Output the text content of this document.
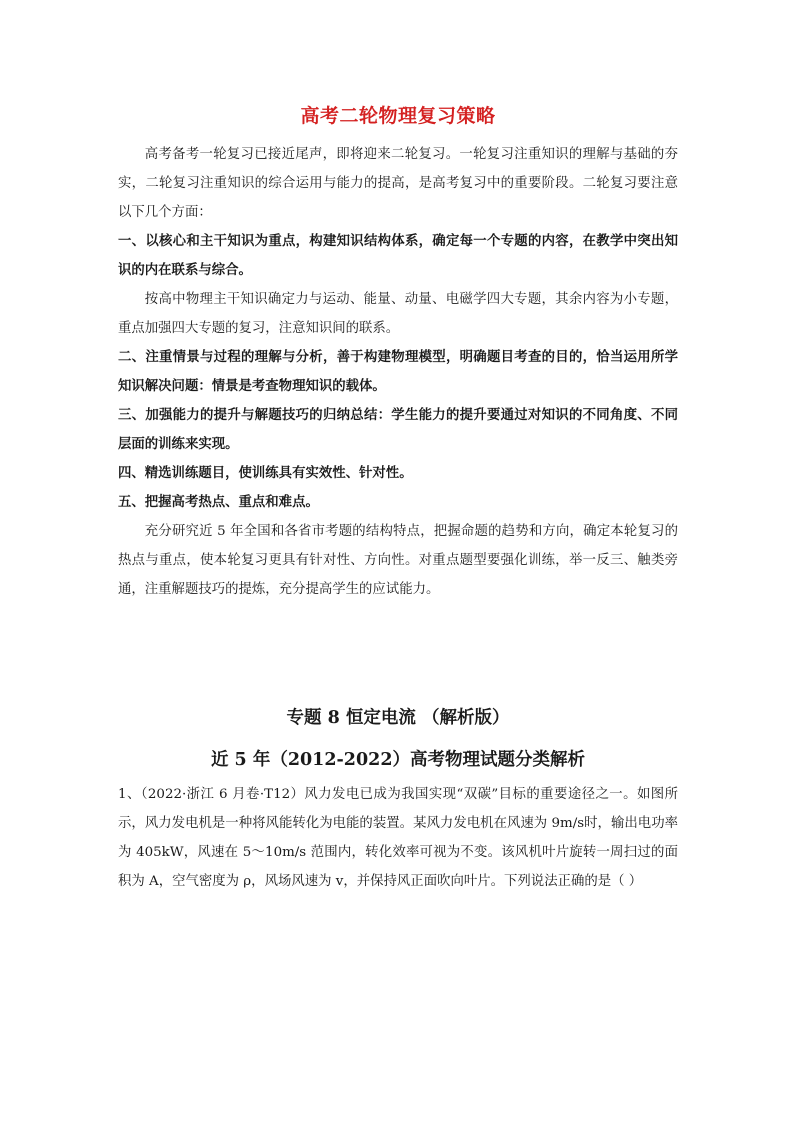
高考二轮物理复习策略

高考备考一轮复习已接近尾声，即将迎来二轮复习。一轮复习注重知识的理解与基础的夯实，二轮复习注重知识的综合运用与能力的提高，是高考复习中的重要阶段。二轮复习要注意以下几个方面：

一、以核心和主干知识为重点，构建知识结构体系，确定每一个专题的内容，在教学中突出知识的内在联系与综合。

按高中物理主干知识确定力与运动、能量、动量、电磁学四大专题，其余内容为小专题，重点加强四大专题的复习，注意知识间的联系。

二、注重情景与过程的理解与分析，善于构建物理模型，明确题目考查的目的，恰当运用所学知识解决问题：情景是考查物理知识的载体。

三、加强能力的提升与解题技巧的归纳总结：学生能力的提升要通过对知识的不同角度、不同层面的训练来实现。

四、精选训练题目，使训练具有实效性、针对性。

五、把握高考热点、重点和难点。

充分研究近 5 年全国和各省市考题的结构特点，把握命题的趋势和方向，确定本轮复习的热点与重点，使本轮复习更具有针对性、方向性。对重点题型要强化训练，举一反三、触类旁通，注重解题技巧的提炼，充分提高学生的应试能力。

专题 8 恒定电流 （解析版）
近 5 年（2012-2022）高考物理试题分类解析

1、（2022·浙江 6 月卷·T12）风力发电已成为我国实现“双碳”目标的重要途径之一。如图所示，风力发电机是一种将风能转化为电能的装置。某风力发电机在风速为 9m/s时，输出电功率为 405kW，风速在 5～10m/s 范围内，转化效率可视为不变。该风机叶片旋转一周扫过的面积为 A，空气密度为 ρ，风场风速为 v，并保持风正面吹向叶片。下列说法正确的是（ ）
